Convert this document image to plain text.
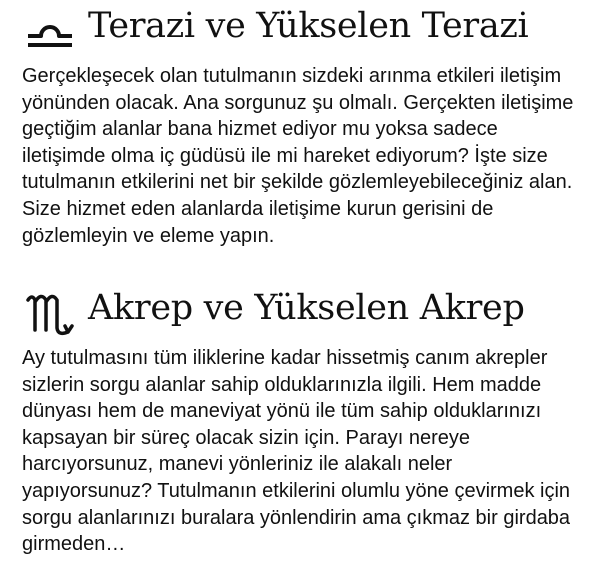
Terazi ve Yükselen Terazi
Gerçekleşecek olan tutulmanın sizdeki arınma etkileri iletişim
yönünden olacak. Ana sorgunuz şu olmalı. Gerçekten iletişime
geçtiğim alanlar bana hizmet ediyor mu yoksa sadece
iletişimde olma iç güdüsü ile mi hareket ediyorum? İşte size
tutulmanın etkilerini net bir şekilde gözlemleyebileceğiniz alan.
Size hizmet eden alanlarda iletişime kurun gerisini de
gözlemleyin ve eleme yapın.
Akrep ve Yükselen Akrep
Ay tutulmasını tüm iliklerine kadar hissetmiş canım akrepler
sizlerin sorgu alanlar sahip olduklarınızla ilgili. Hem madde
dünyası hem de maneviyat yönü ile tüm sahip olduklarınızı
kapsayan bir süreç olacak sizin için. Parayı nereye
harcıyorsunuz, manevi yönleriniz ile alakalı neler
yapıyorsunuz? Tutulmanın etkilerini olumlu yöne çevirmek için
sorgu alanlarınızı buralara yönlendirin ama çıkmaz bir girdaba
girmeden…
